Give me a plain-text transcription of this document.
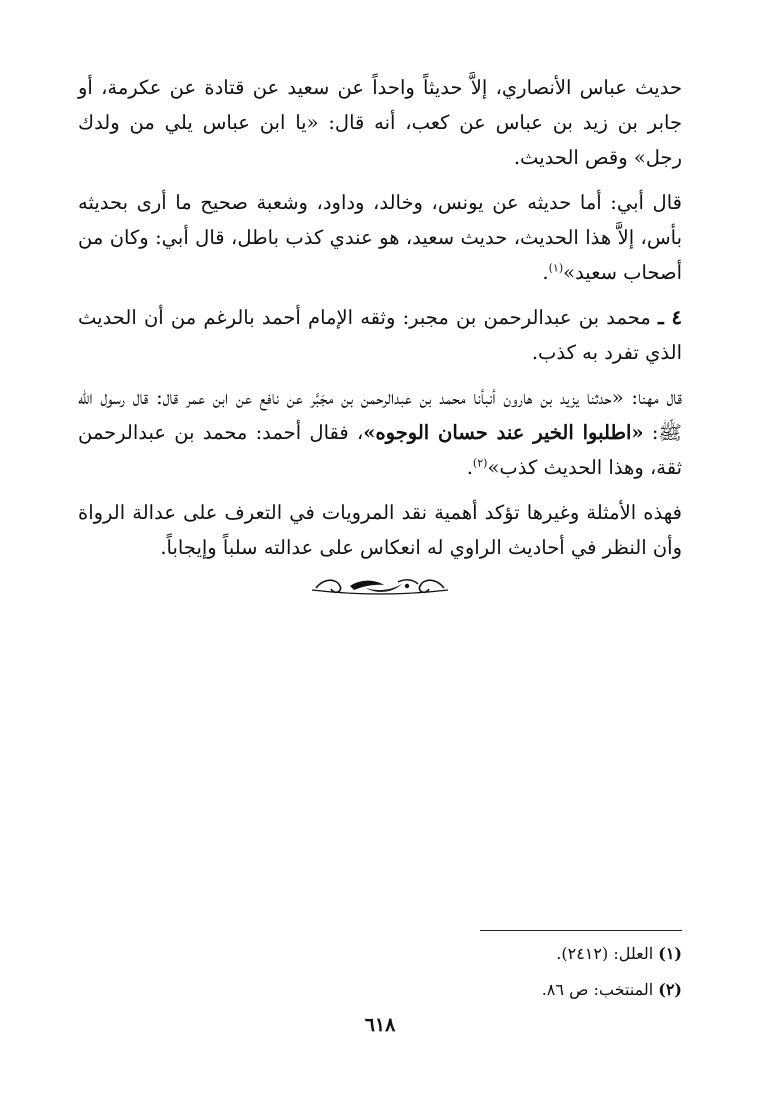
حديث عباس الأنصاري، إلاَّ حديثاً واحداً عن سعيد عن قتادة عن عكرمة، أو جابر بن زيد بن عباس عن كعب، أنه قال: «يا ابن عباس يلي من ولدك رجل» وقص الحديث.

قال أبي: أما حديثه عن يونس، وخالد، وداود، وشعبة صحيح ما أرى بحديثه بأس، إلاَّ هذا الحديث، حديث سعيد، هو عندي كذب باطل، قال أبي: وكان من أصحاب سعيد»$^{(١)}$.

٤ ـ محمد بن عبدالرحمن بن مجبر: وثقه الإمام أحمد بالرغم من أن الحديث الذي تفرد به كذب.

قال مهنا: «حدثنا يزيد بن هارون أنبأنا محمد بن عبدالرحمن بن مجَبَّر عن نافع عن ابن عمر قال: قال رسول الله ﷺ: «اطلبوا الخير عند حسان الوجوه»، فقال أحمد: محمد بن عبدالرحمن ثقة، وهذا الحديث كذب»$^{(٢)}$.

فهذه الأمثلة وغيرها تؤكد أهمية نقد المرويات في التعرف على عدالة الرواة وأن النظر في أحاديث الراوي له انعكاس على عدالته سلباً وإيجاباً.

(١) العلل: (٢٤١٢).
(٢) المنتخب: ص ٨٦.
٦١٨
